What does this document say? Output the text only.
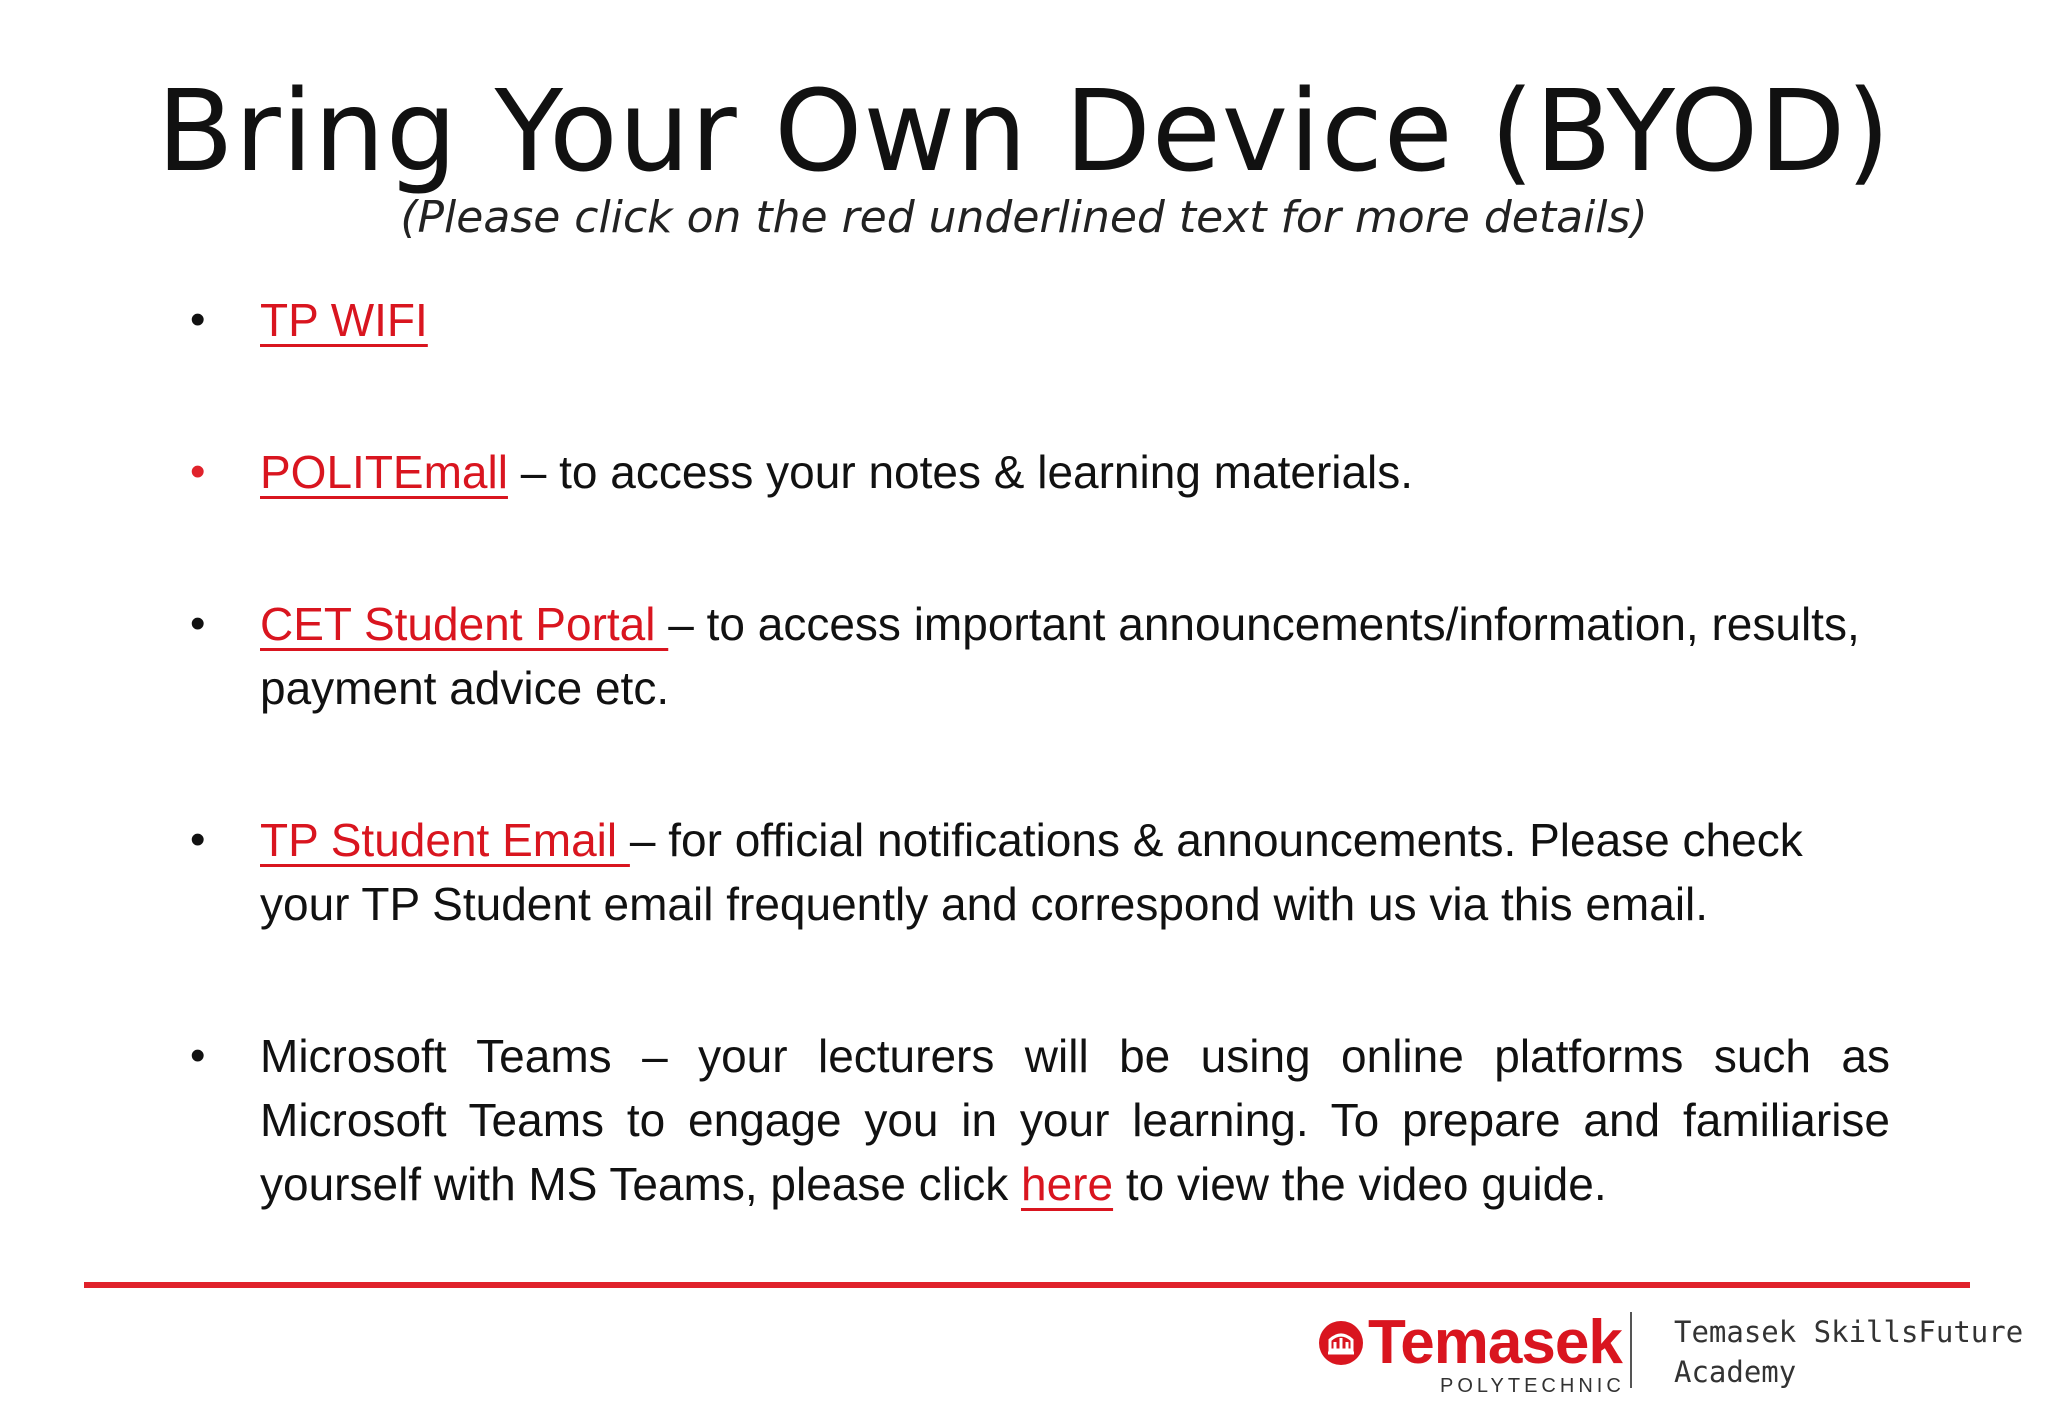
Bring Your Own Device (BYOD)
(Please click on the red underlined text for more details)
• TP WIFI
• POLITEmall – to access your notes & learning materials.
• CET Student Portal – to access important announcements/information, results, payment advice etc.
• TP Student Email – for official notifications & announcements. Please check your TP Student email frequently and correspond with us via this email.
• Microsoft Teams – your lecturers will be using online platforms such as Microsoft Teams to engage you in your learning. To prepare and familiarise yourself with MS Teams, please click here to view the video guide.
Temasek
POLYTECHNIC
Temasek SkillsFuture
Academy
